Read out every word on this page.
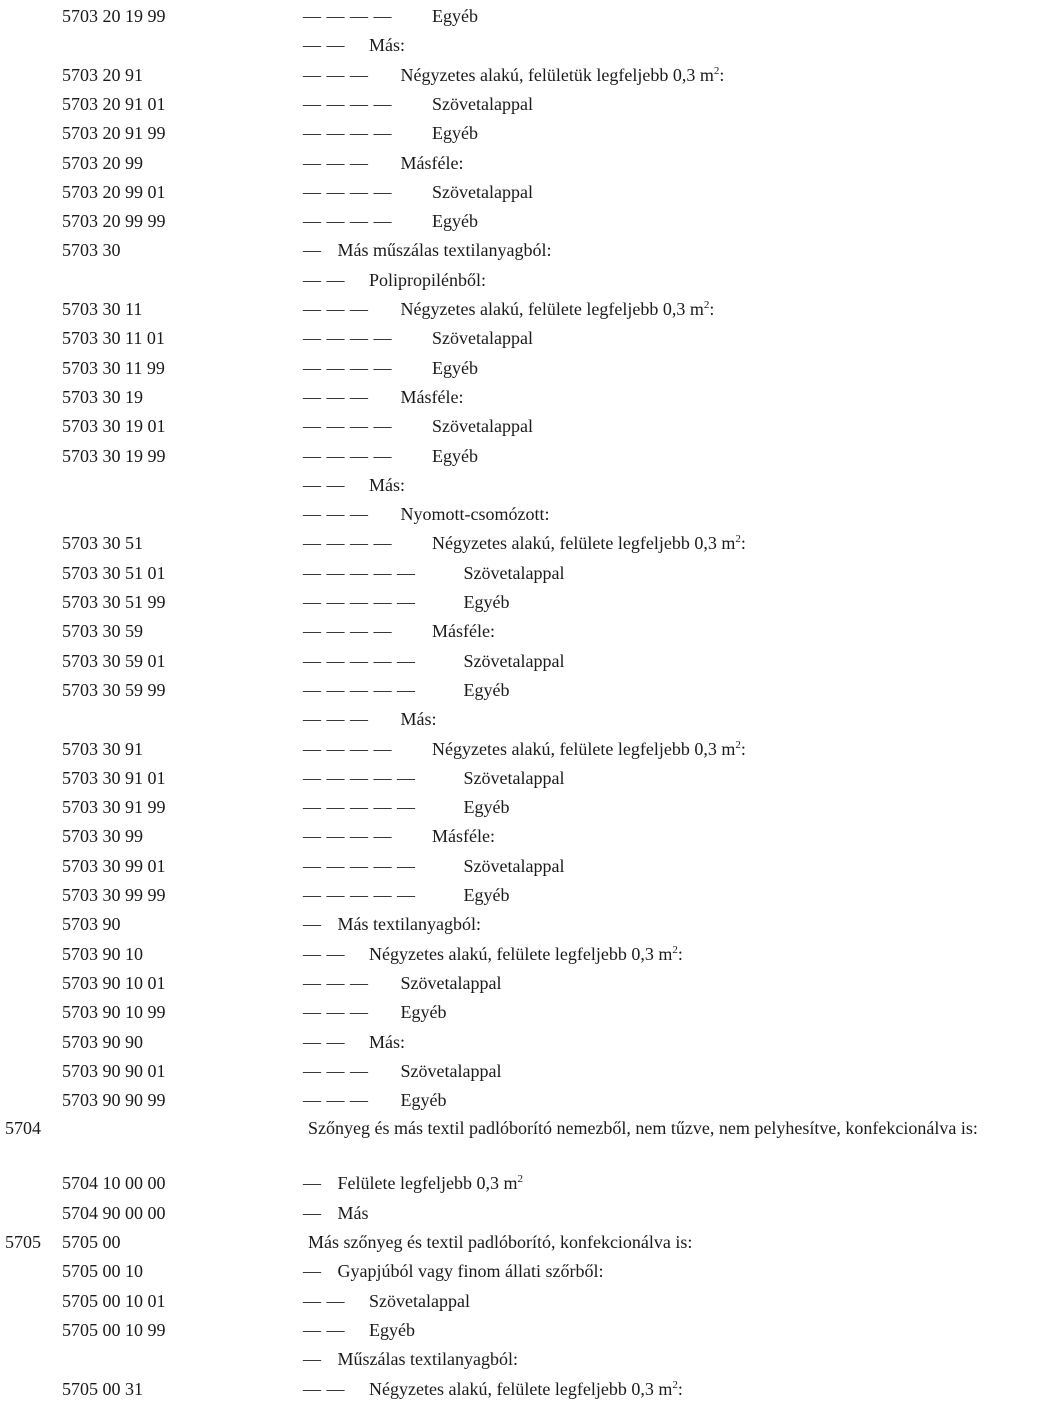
5703 20 19 99	— — — — Egyéb
— — Más:
5703 20 91	— — — Négyzetes alakú, felületük legfeljebb 0,3 $m^2$:
5703 20 91 01	— — — — Szövetalappal
5703 20 91 99	— — — — Egyéb
5703 20 99	— — — Másféle:
5703 20 99 01	— — — — Szövetalappal
5703 20 99 99	— — — — Egyéb
5703 30	— Más műszálas textilanyagból:
— — Polipropilénből:
5703 30 11	— — — Négyzetes alakú, felülete legfeljebb 0,3 $m^2$:
5703 30 11 01	— — — — Szövetalappal
5703 30 11 99	— — — — Egyéb
5703 30 19	— — — Másféle:
5703 30 19 01	— — — — Szövetalappal
5703 30 19 99	— — — — Egyéb
— — Más:
— — — Nyomott-csomózott:
5703 30 51	— — — — Négyzetes alakú, felülete legfeljebb 0,3 $m^2$:
5703 30 51 01	— — — — —	Szövetalappal
5703 30 51 99	— — — — —	Egyéb
5703 30 59	— — — — Másféle:
5703 30 59 01	— — — — —	Szövetalappal
5703 30 59 99	— — — — —	Egyéb
— — — Más:
5703 30 91	— — — — Négyzetes alakú, felülete legfeljebb 0,3 $m^2$:
5703 30 91 01	— — — — —	Szövetalappal
5703 30 91 99	— — — — —	Egyéb
5703 30 99	— — — — Másféle:
5703 30 99 01	— — — — —	Szövetalappal
5703 30 99 99	— — — — —	Egyéb
5703 90	— Más textilanyagból:
5703 90 10	— — Négyzetes alakú, felülete legfeljebb 0,3 $m^2$:
5703 90 10 01	— — — Szövetalappal
5703 90 10 99	— — — Egyéb
5703 90 90	— — Más:
5703 90 90 01	— — — Szövetalappal
5703 90 90 99	— — — Egyéb
5704	Szőnyeg és más textil padlóborító nemezből, nem tűzve, nem pelyhesítve, konfekcionálva is:
5704 10 00 00	— Felülete legfeljebb 0,3 $m^2$
5704 90 00 00	— Más
5705 5705 00	Más szőnyeg és textil padlóborító, konfekcionálva is:
5705 00 10	— Gyapjúból vagy finom állati szőrből:
5705 00 10 01	— — Szövetalappal
5705 00 10 99	— — Egyéb
— Műszálas textilanyagból:
5705 00 31	— — Négyzetes alakú, felülete legfeljebb 0,3 $m^2$:
